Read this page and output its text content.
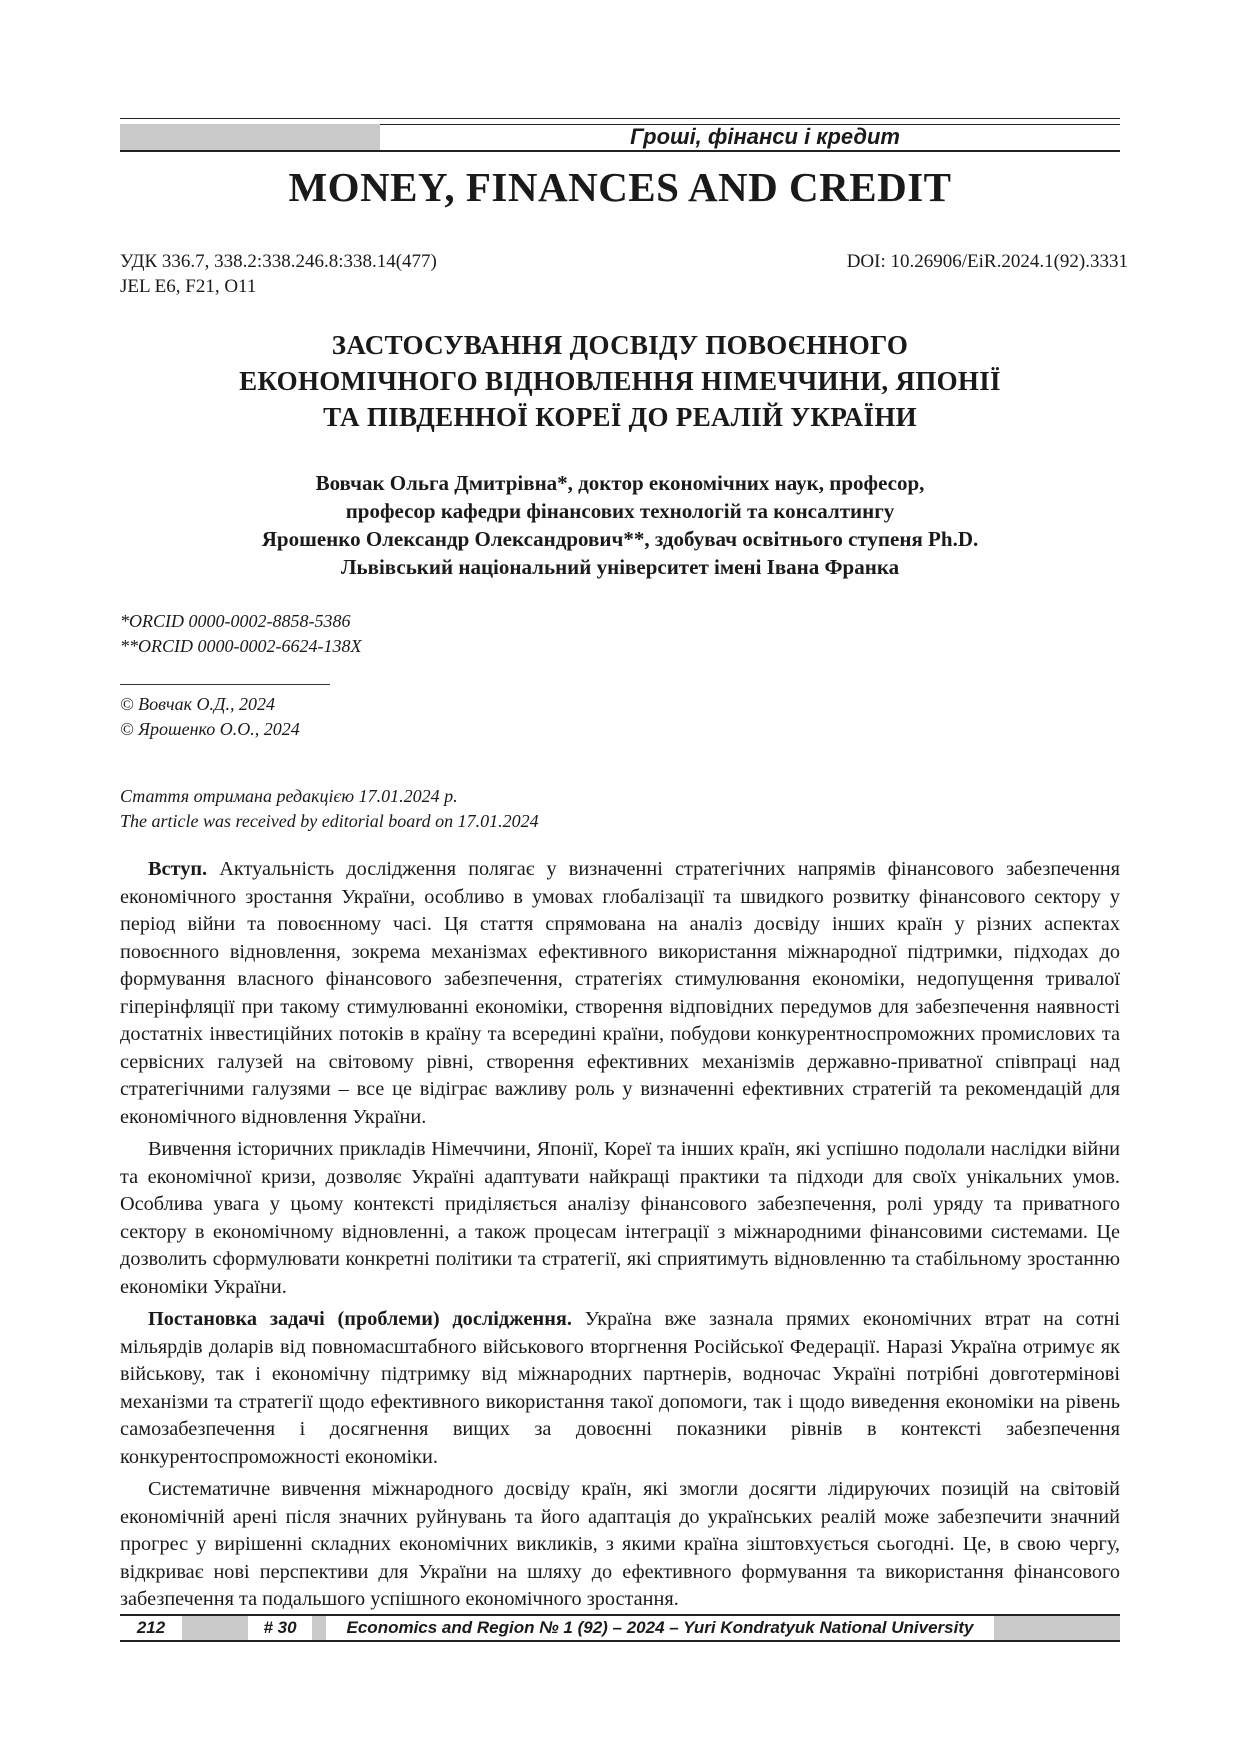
Гроші, фінанси і кредит
MONEY, FINANCES AND CREDIT
УДК 336.7, 338.2:338.246.8:338.14(477)
JEL E6, F21, O11
DOI: 10.26906/EiR.2024.1(92).3331
ЗАСТОСУВАННЯ ДОСВІДУ ПОВОЄННОГО
ЕКОНОМІЧНОГО ВІДНОВЛЕННЯ НІМЕЧЧИНИ, ЯПОНІЇ
ТА ПІВДЕННОЇ КОРЕЇ ДО РЕАЛІЙ УКРАЇНИ
Вовчак Ольга Дмитрівна*, доктор економічних наук, професор,
професор кафедри фінансових технологій та консалтингу
Ярошенко Олександр Олександрович**, здобувач освітнього ступеня Ph.D.
Львівський національний університет імені Івана Франка
*ORCID 0000-0002-8858-5386
**ORCID 0000-0002-6624-138X
© Вовчак О.Д., 2024
© Ярошенко О.О., 2024
Стаття отримана редакцією 17.01.2024 р.
The article was received by editorial board on 17.01.2024

Вступ. Актуальність дослідження полягає у визначенні стратегічних напрямів фінансового забезпечення економічного зростання України, особливо в умовах глобалізації та швидкого розвитку фінансового сектору у період війни та повоєнному часі. Ця стаття спрямована на аналіз досвіду інших країн у різних аспектах повоєнного відновлення, зокрема механізмах ефективного використання міжнародної підтримки, підходах до формування власного фінансового забезпечення, стратегіях стимулювання економіки, недопущення тривалої гіперінфляції при такому стимулюванні економіки, створення відповідних передумов для забезпечення наявності достатніх інвестиційних потоків в країну та всередині країни, побудови конкурентноспроможних промислових та сервісних галузей на світовому рівні, створення ефективних механізмів державно-приватної співпраці над стратегічними галузями – все це відіграє важливу роль у визначенні ефективних стратегій та рекомендацій для економічного відновлення України.

Вивчення історичних прикладів Німеччини, Японії, Кореї та інших країн, які успішно подолали наслідки війни та економічної кризи, дозволяє Україні адаптувати найкращі практики та підходи для своїх унікальних умов. Особлива увага у цьому контексті приділяється аналізу фінансового забезпечення, ролі уряду та приватного сектору в економічному відновленні, а також процесам інтеграції з міжнародними фінансовими системами. Це дозволить сформулювати конкретні політики та стратегії, які сприятимуть відновленню та стабільному зростанню економіки України.

Постановка задачі (проблеми) дослідження. Україна вже зазнала прямих економічних втрат на сотні мільярдів доларів від повномасштабного військового вторгнення Російської Федерації. Наразі Україна отримує як військову, так і економічну підтримку від міжнародних партнерів, водночас Україні потрібні довготермінові механізми та стратегії щодо ефективного використання такої допомоги, так і щодо виведення економіки на рівень самозабезпечення і досягнення вищих за довоєнні показники рівнів в контексті забезпечення конкурентоспроможності економіки.

Систематичне вивчення міжнародного досвіду країн, які змогли досягти лідируючих позицій на світовій економічній арені після значних руйнувань та його адаптація до українських реалій може забезпечити значний прогрес у вирішенні складних економічних викликів, з якими країна зіштовхується сьогодні. Це, в свою чергу, відкриває нові перспективи для України на шляху до ефективного формування та використання фінансового забезпечення та подальшого успішного економічного зростання.

212	# 30	Economics and Region № 1 (92) – 2024 – Yuri Kondratyuk National University
